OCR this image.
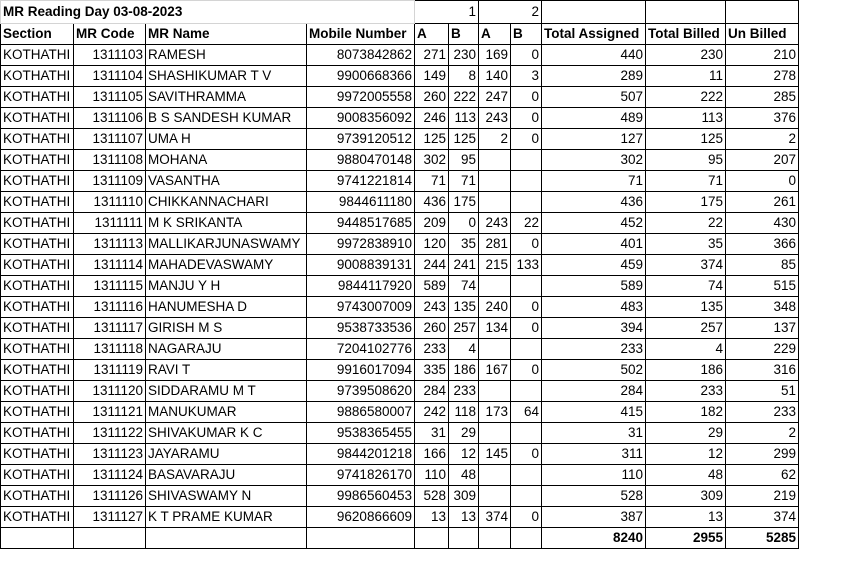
MR Reading Day 03-08-2023				1		2				
Section	MR Code	MR Name	Mobile Number	A	B	A	B	Total Assigned	Total Billed	Un Billed
KOTHATHI	1311103	RAMESH	8073842862	271	230	169	0	440	230	210
KOTHATHI	1311104	SHASHIKUMAR T V	9900668366	149	8	140	3	289	11	278
KOTHATHI	1311105	SAVITHRAMMA	9972005558	260	222	247	0	507	222	285
KOTHATHI	1311106	B S SANDESH KUMAR	9008356092	246	113	243	0	489	113	376
KOTHATHI	1311107	UMA H	9739120512	125	125	2	0	127	125	2
KOTHATHI	1311108	MOHANA	9880470148	302	95			302	95	207
KOTHATHI	1311109	VASANTHA	9741221814	71	71			71	71	0
KOTHATHI	1311110	CHIKKANNACHARI	9844611180	436	175			436	175	261
KOTHATHI	1311111	M K SRIKANTA	9448517685	209	0	243	22	452	22	430
KOTHATHI	1311113	MALLIKARJUNASWAMY	9972838910	120	35	281	0	401	35	366
KOTHATHI	1311114	MAHADEVASWAMY	9008839131	244	241	215	133	459	374	85
KOTHATHI	1311115	MANJU Y H	9844117920	589	74			589	74	515
KOTHATHI	1311116	HANUMESHA D	9743007009	243	135	240	0	483	135	348
KOTHATHI	1311117	GIRISH M S	9538733536	260	257	134	0	394	257	137
KOTHATHI	1311118	NAGARAJU	7204102776	233	4			233	4	229
KOTHATHI	1311119	RAVI T	9916017094	335	186	167	0	502	186	316
KOTHATHI	1311120	SIDDARAMU M T	9739508620	284	233			284	233	51
KOTHATHI	1311121	MANUKUMAR	9886580007	242	118	173	64	415	182	233
KOTHATHI	1311122	SHIVAKUMAR K C	9538365455	31	29			31	29	2
KOTHATHI	1311123	JAYARAMU	9844201218	166	12	145	0	311	12	299
KOTHATHI	1311124	BASAVARAJU	9741826170	110	48			110	48	62
KOTHATHI	1311126	SHIVASWAMY N	9986560453	528	309			528	309	219
KOTHATHI	1311127	K T PRAME KUMAR	9620866609	13	13	374	0	387	13	374
								8240	2955	5285
